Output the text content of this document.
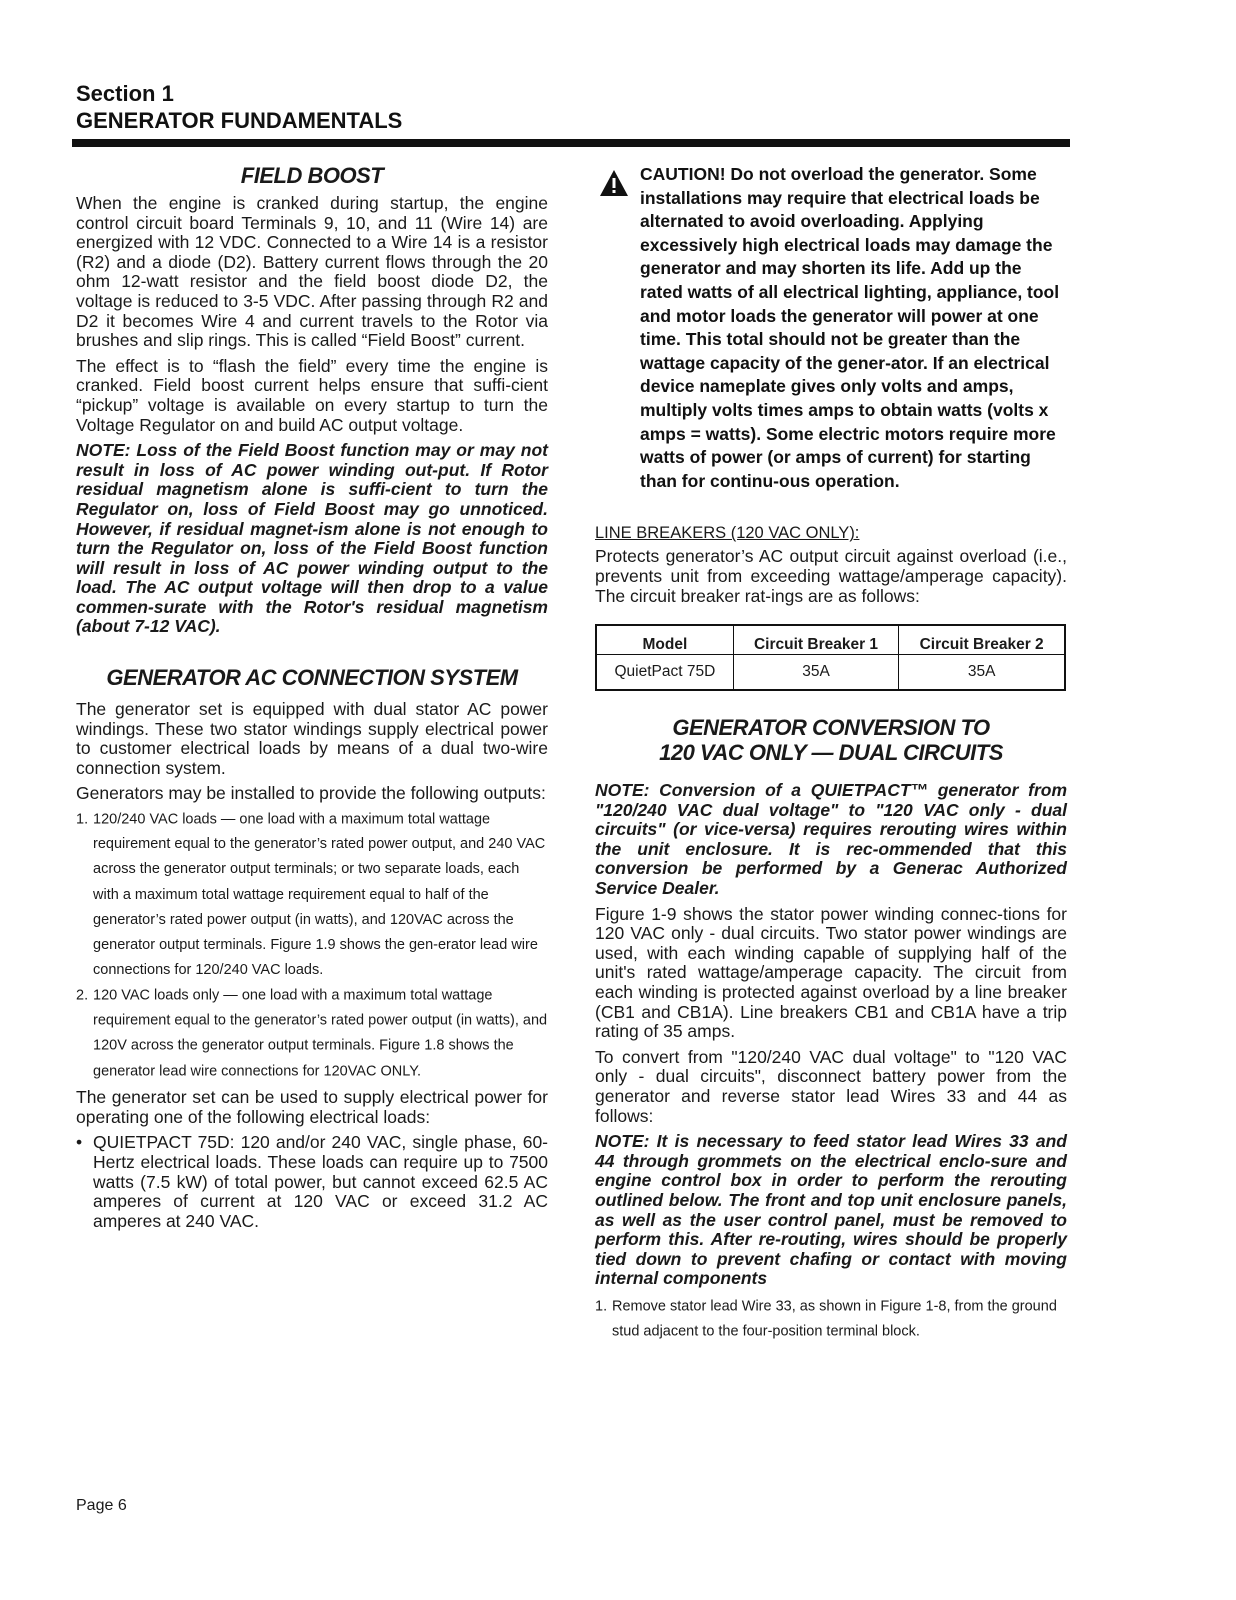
Section 1
GENERATOR FUNDAMENTALS
FIELD BOOST

When the engine is cranked during startup, the engine control circuit board Terminals 9, 10, and 11 (Wire 14) are energized with 12 VDC. Connected to a Wire 14 is a resistor (R2) and a diode (D2). Battery current flows through the 20 ohm 12-watt resistor and the field boost diode D2, the voltage is reduced to 3-5 VDC. After passing through R2 and D2 it becomes Wire 4 and current travels to the Rotor via brushes and slip rings. This is called “Field Boost” current.

The effect is to “flash the field” every time the engine is cranked. Field boost current helps ensure that suffi-cient “pickup” voltage is available on every startup to turn the Voltage Regulator on and build AC output voltage.

NOTE: Loss of the Field Boost function may or may not result in loss of AC power winding out-put. If Rotor residual magnetism alone is suffi-cient to turn the Regulator on, loss of Field Boost may go unnoticed. However, if residual magnet-ism alone is not enough to turn the Regulator on, loss of the Field Boost function will result in loss of AC power winding output to the load. The AC output voltage will then drop to a value commen-surate with the Rotor's residual magnetism (about 7-12 VAC).

GENERATOR AC CONNECTION SYSTEM

The generator set is equipped with dual stator AC power windings. These two stator windings supply electrical power to customer electrical loads by means of a dual two-wire connection system.

Generators may be installed to provide the following outputs:

1. 120/240 VAC loads — one load with a maximum total wattage requirement equal to the generator’s rated power output, and 240 VAC across the generator output terminals; or two separate loads, each with a maximum total wattage requirement equal to half of the generator’s rated power output (in watts), and 120VAC across the generator output terminals. Figure 1.9 shows the gen-erator lead wire connections for 120/240 VAC loads.
2. 120 VAC loads only — one load with a maximum total wattage requirement equal to the generator’s rated power output (in watts), and 120V across the generator output terminals. Figure 1.8 shows the generator lead wire connections for 120VAC ONLY.

The generator set can be used to supply electrical power for operating one of the following electrical loads:

• QUIETPACT 75D: 120 and/or 240 VAC, single phase, 60-Hertz electrical loads. These loads can require up to 7500 watts (7.5 kW) of total power, but cannot exceed 62.5 AC amperes of current at 120 VAC or exceed 31.2 AC amperes at 240 VAC.
CAUTION! Do not overload the generator. Some installations may require that electrical loads be alternated to avoid overloading. Applying excessively high electrical loads may damage the generator and may shorten its life. Add up the rated watts of all electrical lighting, appliance, tool and motor loads the generator will power at one time. This total should not be greater than the wattage capacity of the gener-ator. If an electrical device nameplate gives only volts and amps, multiply volts times amps to obtain watts (volts x amps = watts). Some electric motors require more watts of power (or amps of current) for starting than for continu-ous operation.
LINE BREAKERS (120 VAC ONLY):

Protects generator’s AC output circuit against overload (i.e., prevents unit from exceeding wattage/amperage capacity). The circuit breaker rat-ings are as follows:

Model	Circuit Breaker 1	Circuit Breaker 2
QuietPact 75D	35A	35A
GENERATOR CONVERSION TO
120 VAC ONLY — DUAL CIRCUITS

NOTE: Conversion of a QUIETPACT™ generator from "120/240 VAC dual voltage" to "120 VAC only - dual circuits" (or vice-versa) requires rerouting wires within the unit enclosure. It is rec-ommended that this conversion be performed by a Generac Authorized Service Dealer.

Figure 1-9 shows the stator power winding connec-tions for 120 VAC only - dual circuits. Two stator power windings are used, with each winding capable of supplying half of the unit's rated wattage/amperage capacity. The circuit from each winding is protected against overload by a line breaker (CB1 and CB1A). Line breakers CB1 and CB1A have a trip rating of 35 amps.

To convert from "120/240 VAC dual voltage" to "120 VAC only - dual circuits", disconnect battery power from the generator and reverse stator lead Wires 33 and 44 as follows:

NOTE: It is necessary to feed stator lead Wires 33 and 44 through grommets on the electrical enclo-sure and engine control box in order to perform the rerouting outlined below. The front and top unit enclosure panels, as well as the user control panel, must be removed to perform this. After re-routing, wires should be properly tied down to prevent chafing or contact with moving internal components

1. Remove stator lead Wire 33, as shown in Figure 1-8, from the ground stud adjacent to the four-position terminal block.
Page 6
